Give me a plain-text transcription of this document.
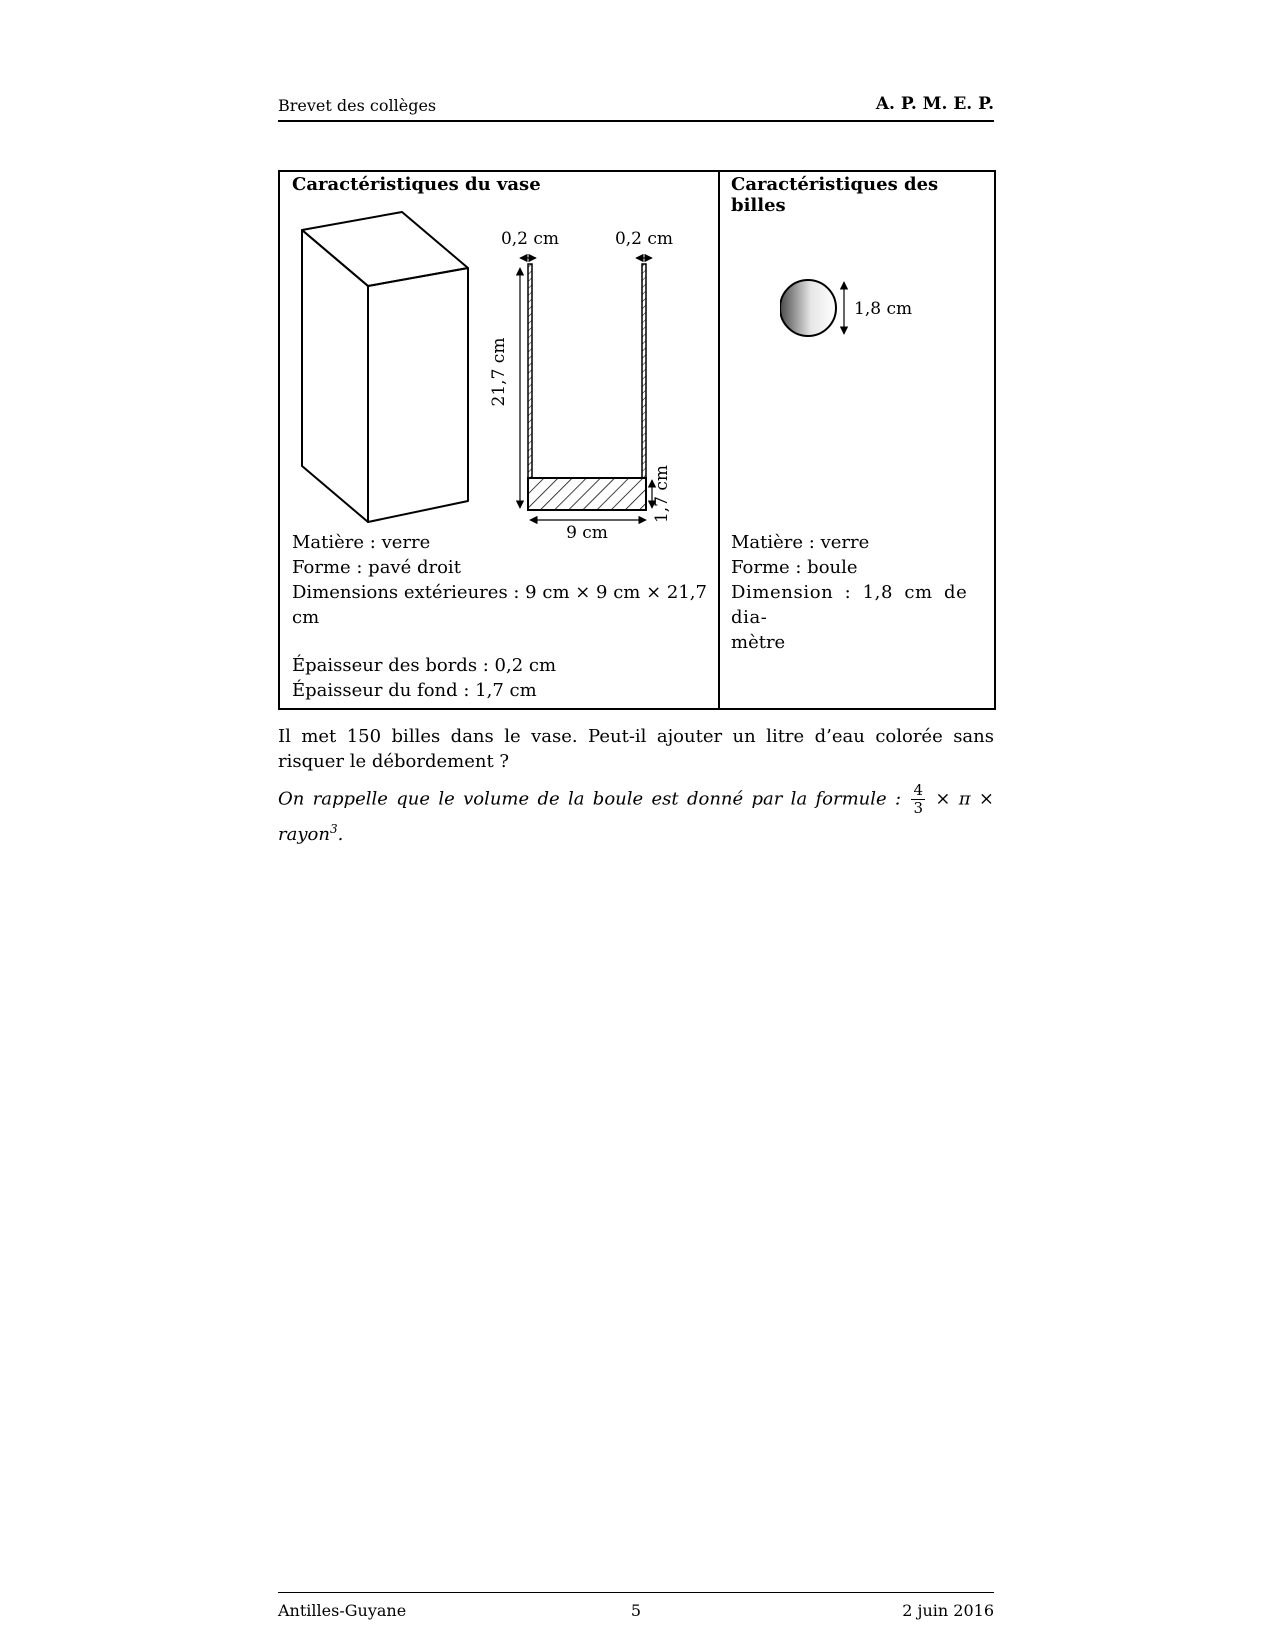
Brevet des collèges	A. P. M. E. P.
Caractéristiques du vase	Caractéristiques des billes
0,2 cm	0,2 cm
21,7 cm
1,7 cm
9 cm
1,8 cm
Matière : verre
Forme : pavé droit
Dimensions extérieures : 9 cm × 9 cm × 21,7 cm
Épaisseur des bords : 0,2 cm
Épaisseur du fond : 1,7 cm
Matière : verre
Forme : boule
Dimension : 1,8 cm de dia-
mètre

Il met 150 billes dans le vase. Peut-il ajouter un litre d’eau colorée sans risquer le débordement ?

On rappelle que le volume de la boule est donné par la formule : $\frac{4}{3} \times \pi$ × rayon$^3$.

Antilles-Guyane	5	2 juin 2016
